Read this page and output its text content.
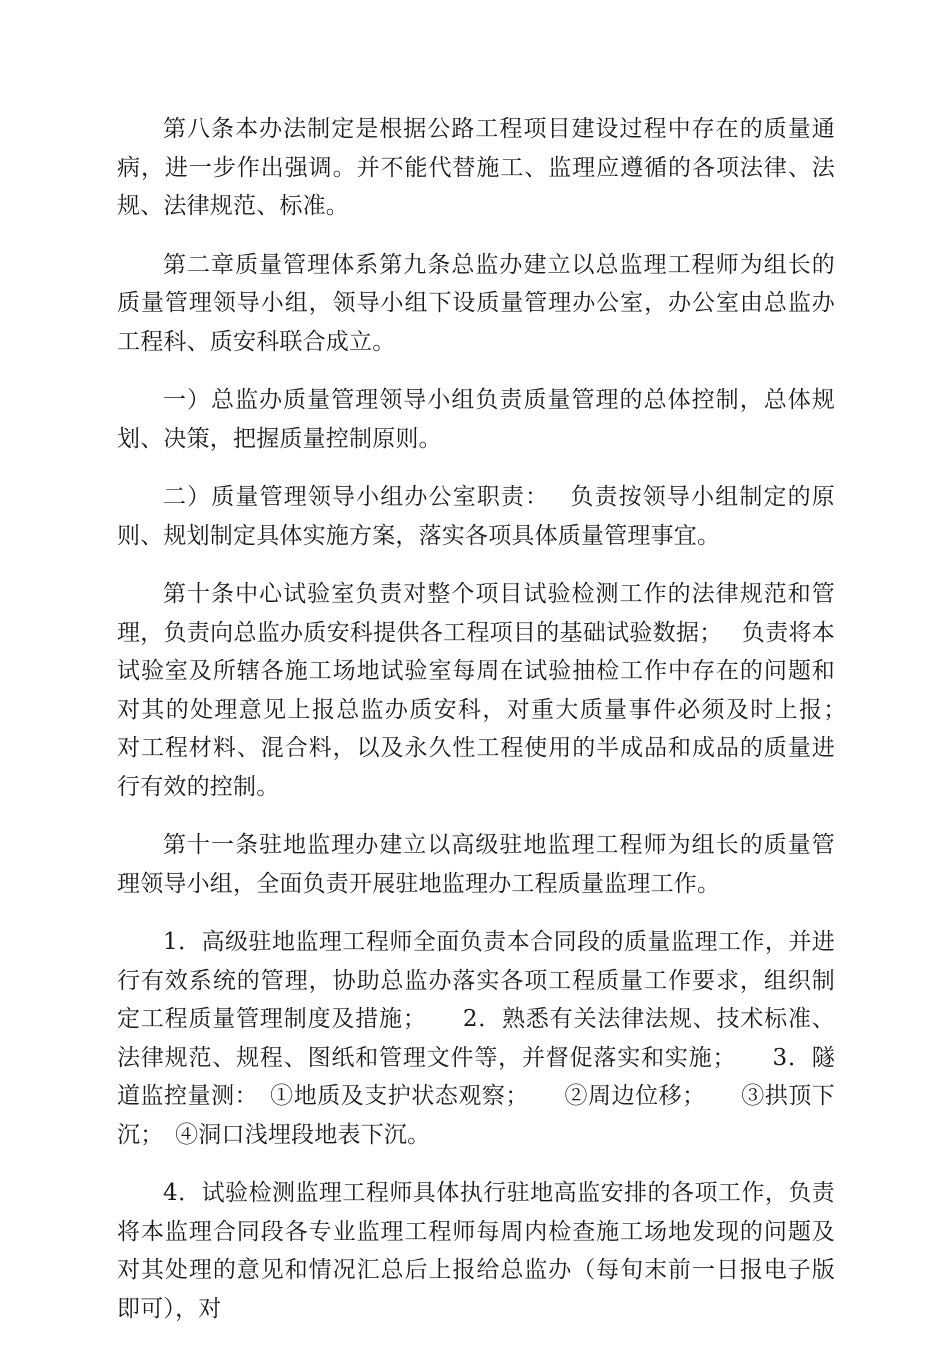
第八条本办法制定是根据公路工程项目建设过程中存在的质量通病，进一步作出强调。并不能代替施工、监理应遵循的各项法律、法规、法律规范、标准。

第二章质量管理体系第九条总监办建立以总监理工程师为组长的质量管理领导小组，领导小组下设质量管理办公室，办公室由总监办工程科、质安科联合成立。

一）总监办质量管理领导小组负责质量管理的总体控制，总体规划、决策，把握质量控制原则。

二）质量管理领导小组办公室职责：　 负责按领导小组制定的原则、规划制定具体实施方案，落实各项具体质量管理事宜。

第十条中心试验室负责对整个项目试验检测工作的法律规范和管理，负责向总监办质安科提供各工程项目的基础试验数据；　 负责将本试验室及所辖各施工场地试验室每周在试验抽检工作中存在的问题和对其的处理意见上报总监办质安科，对重大质量事件必须及时上报；　 对工程材料、混合料，以及永久性工程使用的半成品和成品的质量进行有效的控制。

第十一条驻地监理办建立以高级驻地监理工程师为组长的质量管理领导小组，全面负责开展驻地监理办工程质量监理工作。

1．高级驻地监理工程师全面负责本合同段的质量监理工作，并进行有效系统的管理，协助总监办落实各项工程质量工作要求，组织制定工程质量管理制度及措施；　　2．熟悉有关法律法规、技术标准、法律规范、规程、图纸和管理文件等，并督促落实和实施；　　3．隧道监控量测：　①地质及支护状态观察；　　②周边位移；　　③拱顶下沉；　④洞口浅埋段地表下沉。

4．试验检测监理工程师具体执行驻地高监安排的各项工作，负责将本监理合同段各专业监理工程师每周内检查施工场地发现的问题及对其处理的意见和情况汇总后上报给总监办（每旬末前一日报电子版即可），对
